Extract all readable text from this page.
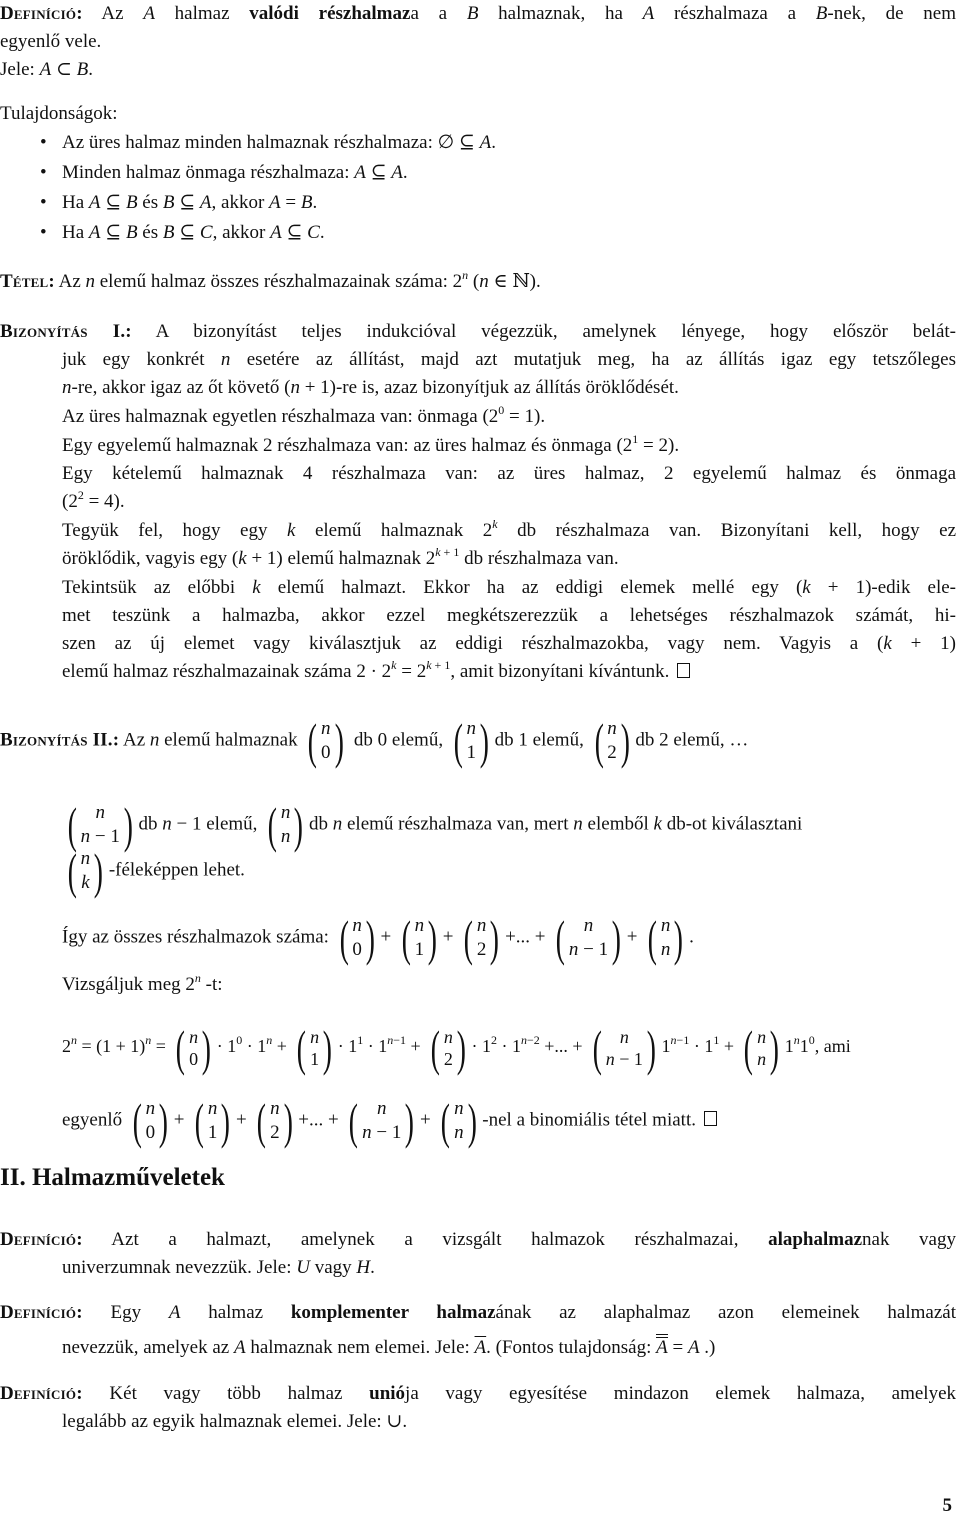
Definíció: Az A halmaz valódi részhalmaza a B halmaznak, ha A részhalmaza a B-nek, de nem
egyenlő vele.
Jele: A ⊂ B.
Tulajdonságok:
• Az üres halmaz minden halmaznak részhalmaza: ∅ ⊆ A.
• Minden halmaz önmaga részhalmaza: A ⊆ A.
• Ha A ⊆ B és B ⊆ A, akkor A = B.
• Ha A ⊆ B és B ⊆ C, akkor A ⊆ C.
Tétel: Az n elemű halmaz összes részhalmazainak száma: 2$^n$ (n ∈ ℕ).
Bizonyítás I.: A bizonyítást teljes indukcióval végezzük, amelynek lényege, hogy először belát-
juk egy konkrét n esetére az állítást, majd azt mutatjuk meg, ha az állítás igaz egy tetszőleges
n-re, akkor igaz az őt követő (n + 1)-re is, azaz bizonyítjuk az állítás öröklődését.
Az üres halmaznak egyetlen részhalmaza van: önmaga $(2^0 = 1)$.
Egy egyelemű halmaznak 2 részhalmaza van: az üres halmaz és önmaga $(2^1 = 2)$.
Egy kételemű halmaznak 4 részhalmaza van: az üres halmaz, 2 egyelemű halmaz és önmaga
$(2^2 = 4)$.
Tegyük fel, hogy egy k elemű halmaznak 2$^k$ db részhalmaza van. Bizonyítani kell, hogy ez
öröklődik, vagyis egy (k + 1) elemű halmaznak $2^{k + 1}$ db részhalmaza van.
Tekintsük az előbbi k elemű halmazt. Ekkor ha az eddigi elemek mellé egy (k + 1)-edik ele-
met teszünk a halmazba, akkor ezzel megkétszerezzük a lehetséges részhalmazok számát, hi-
szen az új elemet vagy kiválasztjuk az eddigi részhalmazokba, vagy nem. Vagyis a (k + 1)
elemű halmaz részhalmazainak száma $2 \cdot 2^k = 2^{k + 1}$, amit bizonyítani kívántunk.
Bizonyítás II.: Az n elemű halmaznak ( n
0 ) db 0 elemű, ( n
1 ) db 1 elemű, ( n
2 ) db 2 elemű, …
( n
n − 1 ) db n − 1 elemű, ( n
n ) db n elemű részhalmaza van, mert n elemből k db-ot kiválasztani
( n
k ) -féleképpen lehet.
Így az összes részhalmazok száma: ( n
0 ) + ( n
1 ) + ( n
2 ) +... + ( n
n − 1 ) + ( n
n ) .
Vizsgáljuk meg 2$^n$ -t:
$2^n = (1 + 1)^n$ = ( n
0 ) · $1^0 \cdot 1^n$ + ( n
1 ) · $1^1 \cdot 1^{n-1}$ + ( n
2 ) · $1^2 \cdot 1^{n-2}$ +... + ( n
n − 1 ) $1^{n-1} \cdot 1^1$ + ( n
n ) $1^n1^0$, ami
egyenlő ( n
0 ) + ( n
1 ) + ( n
2 ) +... + ( n
n − 1 ) + ( n
n ) -nel a binomiális tétel miatt.
II. Halmazműveletek
Definíció: Azt a halmazt, amelynek a vizsgált halmazok részhalmazai, alaphalmaznak vagy
univerzumnak nevezzük. Jele: U vagy H.
Definíció: Egy A halmaz komplementer halmazának az alaphalmaz azon elemeinek halmazát
nevezzük, amelyek az A halmaznak nem elemei. Jele: $\overline{A}$. (Fontos tulajdonság: A = A .)
Definíció: Két vagy több halmaz uniója vagy egyesítése mindazon elemek halmaza, amelyek
legalább az egyik halmaznak elemei. Jele: ∪.
5
